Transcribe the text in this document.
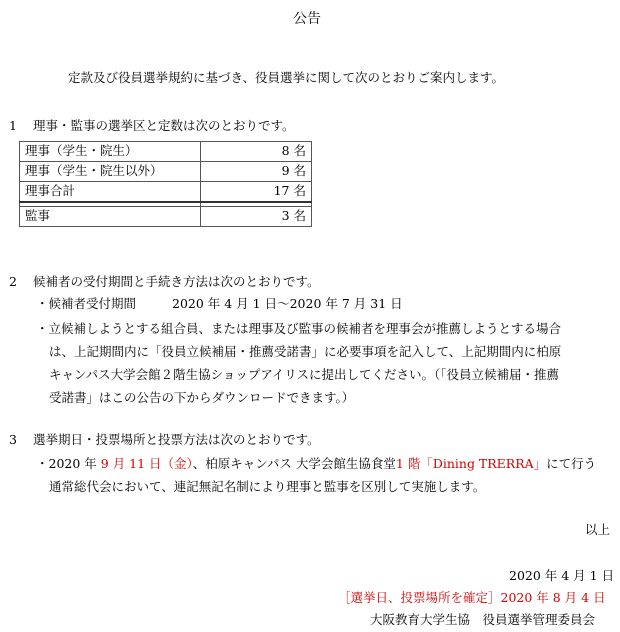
公告
定款及び役員選挙規約に基づき、役員選挙に関して次のとおりご案内します。
1 理事・監事の選挙区と定数は次のとおりです。
理事（学生・院生）	8 名
理事（学生・院生以外）	9 名
理事合計	17 名

監事	3 名
2 候補者の受付期間と手続き方法は次のとおりです。
・候補者受付期間	2020 年 4 月 1 日～2020 年 7 月 31 日
・立候補しようとする組合員、または理事及び監事の候補者を理事会が推薦しようとする場合
は、上記期間内に「役員立候補届・推薦受諾書」に必要事項を記入して、上記期間内に柏原
キャンパス大学会館２階生協ショップアイリスに提出してください。（「役員立候補届・推薦
受諾書」はこの公告の下からダウンロードできます。）
3 選挙期日・投票場所と投票方法は次のとおりです。
・2020 年 9 月 11 日（金）、柏原キャンパス 大学会館生協食堂1 階「Dining TRERRA」にて行う
通常総代会において、連記無記名制により理事と監事を区別して実施します。
以上
2020 年 4 月 1 日
［選挙日、投票場所を確定］2020 年 8 月 4 日
大阪教育大学生協　役員選挙管理委員会
